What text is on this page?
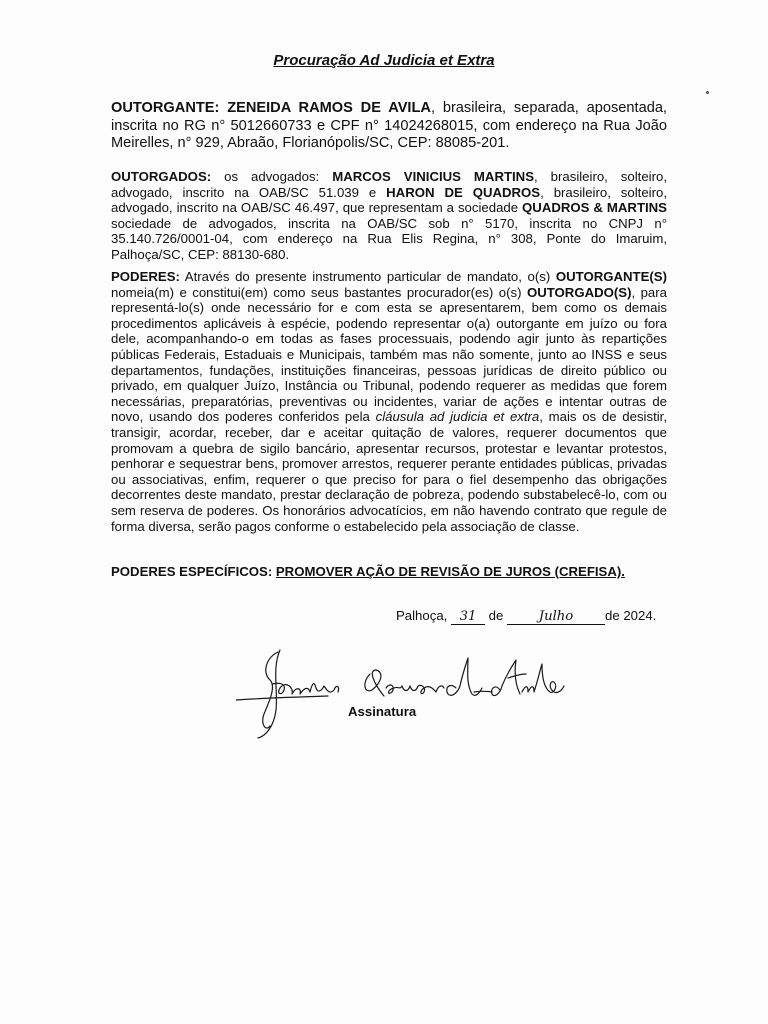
Procuração Ad Judicia et Extra
OUTORGANTE: ZENEIDA RAMOS DE AVILA, brasileira, separada, aposentada, inscrita no RG n° 5012660733 e CPF n° 14024268015, com endereço na Rua João Meirelles, n° 929, Abraão, Florianópolis/SC, CEP: 88085-201.
OUTORGADOS: os advogados: MARCOS VINICIUS MARTINS, brasileiro, solteiro, advogado, inscrito na OAB/SC 51.039 e HARON DE QUADROS, brasileiro, solteiro, advogado, inscrito na OAB/SC 46.497, que representam a sociedade QUADROS & MARTINS sociedade de advogados, inscrita na OAB/SC sob n° 5170, inscrita no CNPJ n° 35.140.726/0001-04, com endereço na Rua Elis Regina, n° 308, Ponte do Imaruim, Palhoça/SC, CEP: 88130-680.
PODERES: Através do presente instrumento particular de mandato, o(s) OUTORGANTE(S) nomeia(m) e constitui(em) como seus bastantes procurador(es) o(s) OUTORGADO(S), para representá-lo(s) onde necessário for e com esta se apresentarem, bem como os demais procedimentos aplicáveis à espécie, podendo representar o(a) outorgante em juízo ou fora dele, acompanhando-o em todas as fases processuais, podendo agir junto às repartições públicas Federais, Estaduais e Municipais, também mas não somente, junto ao INSS e seus departamentos, fundações, instituições financeiras, pessoas jurídicas de direito público ou privado, em qualquer Juízo, Instância ou Tribunal, podendo requerer as medidas que forem necessárias, preparatórias, preventivas ou incidentes, variar de ações e intentar outras de novo, usando dos poderes conferidos pela cláusula ad judicia et extra, mais os de desistir, transigir, acordar, receber, dar e aceitar quitação de valores, requerer documentos que promovam a quebra de sigilo bancário, apresentar recursos, protestar e levantar protestos, penhorar e sequestrar bens, promover arrestos, requerer perante entidades públicas, privadas ou associativas, enfim, requerer o que preciso for para o fiel desempenho das obrigações decorrentes deste mandato, prestar declaração de pobreza, podendo substabelecê-lo, com ou sem reserva de poderes. Os honorários advocatícios, em não havendo contrato que regule de forma diversa, serão pagos conforme o estabelecido pela associação de classe.
PODERES ESPECÍFICOS: PROMOVER AÇÃO DE REVISÃO DE JUROS (CREFISA).
Palhoça, 31 de	Julho de 2024.
Assinatura
